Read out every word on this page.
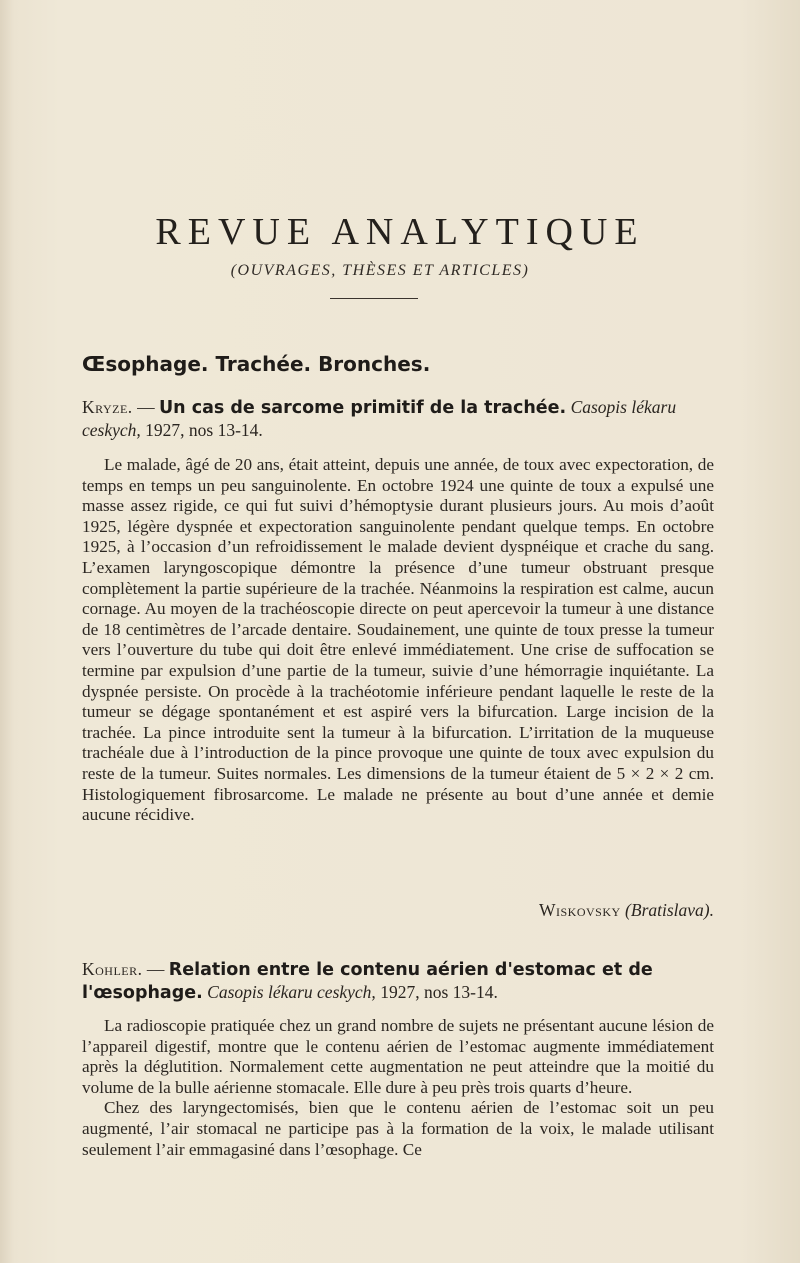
REVUE ANALYTIQUE
(OUVRAGES, THÈSES ET ARTICLES)
Œsophage. Trachée. Bronches.
Kryze. — Un cas de sarcome primitif de la trachée. Casopis lékaru ceskych, 1927, nos 13-14.

Le malade, âgé de 20 ans, était atteint, depuis une année, de toux avec expectoration, de temps en temps un peu sanguinolente. En octobre 1924 une quinte de toux a expulsé une masse assez rigide, ce qui fut suivi d’hémoptysie durant plusieurs jours. Au mois d’août 1925, légère dyspnée et expectoration sanguinolente pendant quelque temps. En octobre 1925, à l’occasion d’un refroidissement le malade devient dyspnéique et crache du sang. L’examen laryngoscopique démontre la présence d’une tumeur obstruant presque complètement la partie supérieure de la trachée. Néanmoins la respiration est calme, aucun cornage. Au moyen de la trachéoscopie directe on peut apercevoir la tumeur à une distance de 18 centimètres de l’arcade dentaire. Soudainement, une quinte de toux presse la tumeur vers l’ouverture du tube qui doit être enlevé immédiatement. Une crise de suffocation se termine par expulsion d’une partie de la tumeur, suivie d’une hémorragie inquiétante. La dyspnée persiste. On procède à la trachéotomie inférieure pendant laquelle le reste de la tumeur se dégage spontanément et est aspiré vers la bifurcation. Large incision de la trachée. La pince introduite sent la tumeur à la bifurcation. L’irritation de la muqueuse trachéale due à l’introduction de la pince provoque une quinte de toux avec expulsion du reste de la tumeur. Suites normales. Les dimensions de la tumeur étaient de 5 × 2 × 2 cm. Histologiquement fibrosarcome. Le malade ne présente au bout d’une année et demie aucune récidive.

Wiskovsky (Bratislava).
Kohler. — Relation entre le contenu aérien d'estomac et de l'œsophage. Casopis lékaru ceskych, 1927, nos 13-14.

La radioscopie pratiquée chez un grand nombre de sujets ne présentant aucune lésion de l’appareil digestif, montre que le contenu aérien de l’estomac augmente immédiatement après la déglutition. Normalement cette augmentation ne peut atteindre que la moitié du volume de la bulle aérienne stomacale. Elle dure à peu près trois quarts d’heure.

Chez des laryngectomisés, bien que le contenu aérien de l’estomac soit un peu augmenté, l’air stomacal ne participe pas à la formation de la voix, le malade utilisant seulement l’air emmagasiné dans l’œsophage. Ce
